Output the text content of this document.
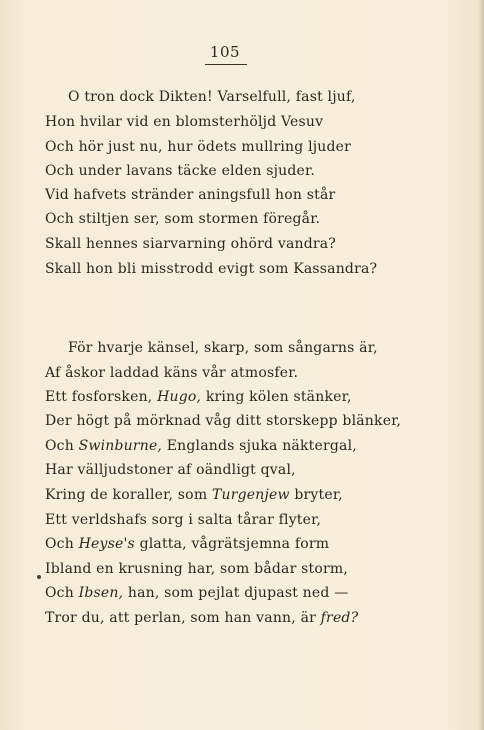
105
O tron dock Dikten! Varselfull, fast ljuf,
Hon hvilar vid en blomsterhöljd Vesuv
Och hör just nu, hur ödets mullring ljuder
Och under lavans täcke elden sjuder.
Vid hafvets stränder aningsfull hon står
Och stiltjen ser, som stormen föregår.
Skall hennes siarvarning ohörd vandra?
Skall hon bli misstrodd evigt som Kassandra?
För hvarje känsel, skarp, som sångarns är,
Af åskor laddad käns vår atmosfer.
Ett fosforsken, Hugo, kring kölen stänker,
Der högt på mörknad våg ditt storskepp blänker,
Och Swinburne, Englands sjuka näktergal,
Har välljudstoner af oändligt qval,
Kring de koraller, som Turgenjew bryter,
Ett verldshafs sorg i salta tårar flyter,
Och Heyse's glatta, vågrätsjemna form
Ibland en krusning har, som bådar storm,
Och Ibsen, han, som pejlat djupast ned —
Tror du, att perlan, som han vann, är fred?
